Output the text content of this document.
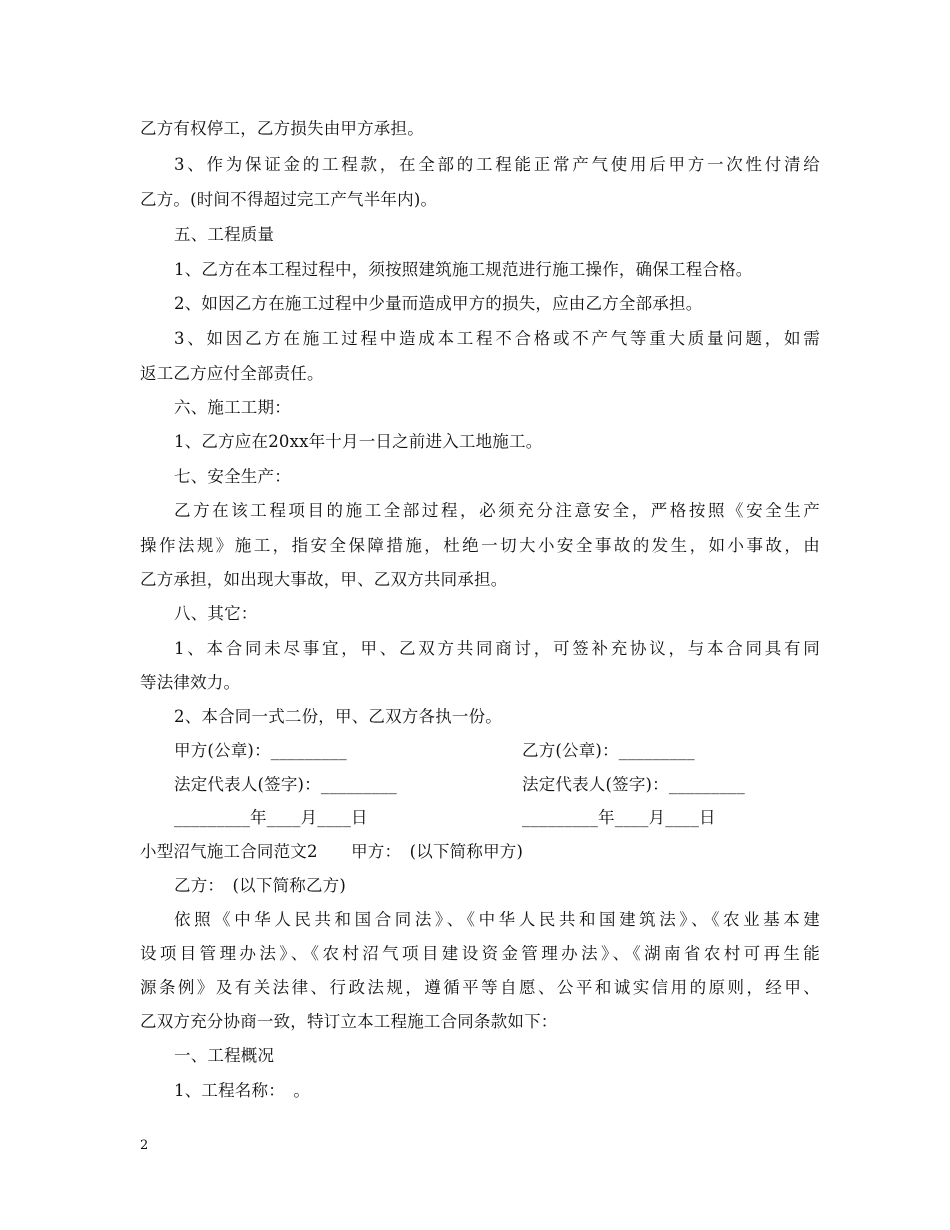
乙方有权停工，乙方损失由甲方承担。
3、作为保证金的工程款，在全部的工程能正常产气使用后甲方一次性付清给
乙方。(时间不得超过完工产气半年内)。
五、工程质量
1、乙方在本工程过程中，须按照建筑施工规范进行施工操作，确保工程合格。
2、如因乙方在施工过程中少量而造成甲方的损失，应由乙方全部承担。
3、如因乙方在施工过程中造成本工程不合格或不产气等重大质量问题，如需
返工乙方应付全部责任。
六、施工工期：
1、乙方应在20xx年十月一日之前进入工地施工。
七、安全生产：
乙方在该工程项目的施工全部过程，必须充分注意安全，严格按照《安全生产
操作法规》施工，指安全保障措施，杜绝一切大小安全事故的发生，如小事故，由
乙方承担，如出现大事故，甲、乙双方共同承担。
八、其它：
1、本合同未尽事宜，甲、乙双方共同商讨，可签补充协议，与本合同具有同
等法律效力。
2、本合同一式二份，甲、乙双方各执一份。
甲方(公章)：_________	乙方(公章)：_________
法定代表人(签字)：_________	法定代表人(签字)：_________
_________年____月____日	_________年____月____日
小型沼气施工合同范文2　　甲方：　(以下简称甲方)
乙方：　(以下简称乙方)
依照《中华人民共和国合同法》、《中华人民共和国建筑法》、《农业基本建
设项目管理办法》、《农村沼气项目建设资金管理办法》、《湖南省农村可再生能
源条例》及有关法律、行政法规，遵循平等自愿、公平和诚实信用的原则，经甲、
乙双方充分协商一致，特订立本工程施工合同条款如下：
一、工程概况
1、工程名称：　。
2
